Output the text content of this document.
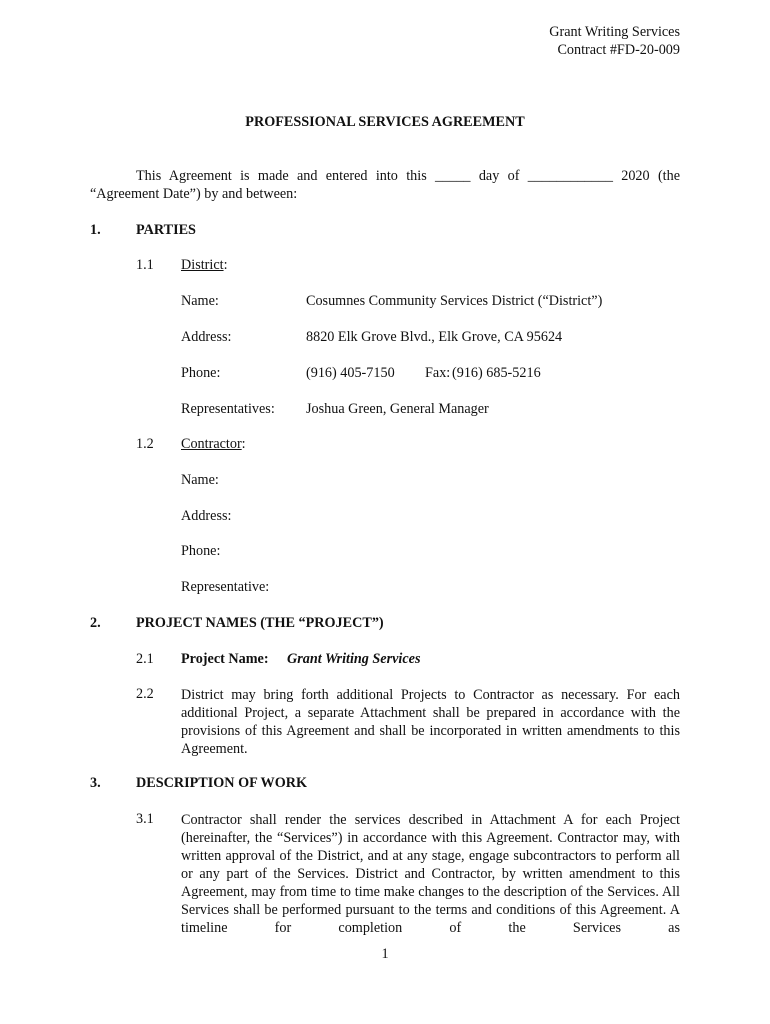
Grant Writing Services
Contract #FD-20-009
PROFESSIONAL SERVICES AGREEMENT
This Agreement is made and entered into this _____ day of ____________ 2020 (the
“Agreement Date”) by and between:
1. PARTIES
1.1 District:
Name:	Cosumnes Community Services District (“District”)
Address:	8820 Elk Grove Blvd., Elk Grove, CA 95624
Phone:	(916) 405-7150 Fax: (916) 685-5216
Representatives: Joshua Green, General Manager
1.2 Contractor:
Name:
Address:
Phone:
Representative:
2. PROJECT NAMES (THE “PROJECT”)
2.1 Project Name: Grant Writing Services
2.2 District may bring forth additional Projects to Contractor as necessary. For each additional Project, a separate Attachment shall be prepared in accordance with the provisions of this Agreement and shall be incorporated in written amendments to this Agreement.
3. DESCRIPTION OF WORK
3.1 Contractor shall render the services described in Attachment A for each Project (hereinafter, the “Services”) in accordance with this Agreement. Contractor may, with written approval of the District, and at any stage, engage subcontractors to perform all or any part of the Services. District and Contractor, by written amendment to this Agreement, may from time to time make changes to the description of the Services. All Services shall be performed pursuant to the terms and conditions of this Agreement. A timeline for completion of the Services as
1
